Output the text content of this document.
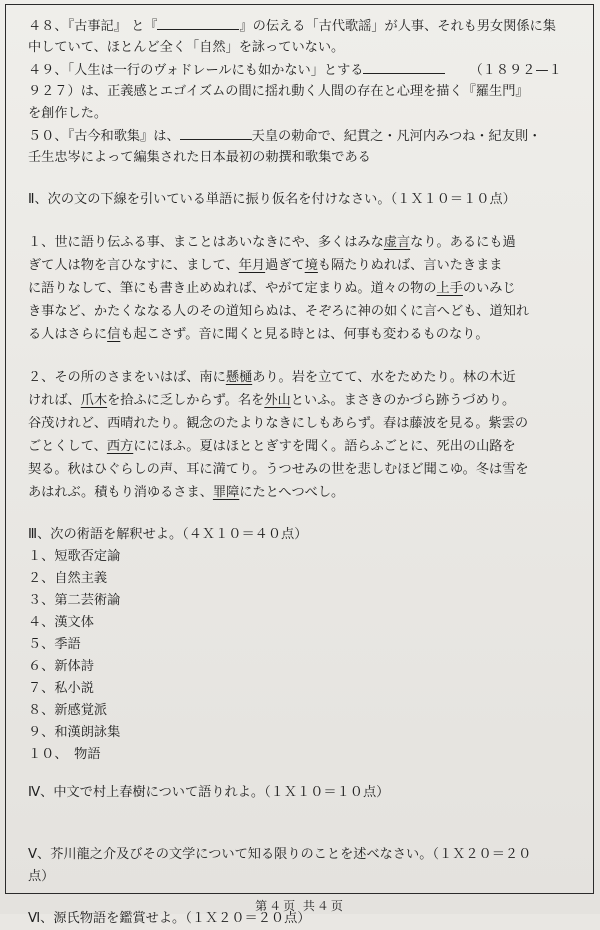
４８、『古事記』 と『	』の伝える「古代歌謡」が人事、それも男女関係に集
中していて、ほとんど全く「自然」を詠っていない。
４９、「人生は一行のヴォドレールにも如かない」とする	（１８９２—１
９２７）は、正義感とエゴイズムの間に揺れ動く人間の存在と心理を描く『羅生門』
を創作した。
５０、『古今和歌集』は、	天皇の勅命で、紀貫之・凡河内みつね・紀友則・
壬生忠岑によって編集された日本最初の勅撰和歌集である
Ⅱ、次の文の下線を引いている単語に振り仮名を付けなさい。（１Ｘ１０＝１０点）
１、世に語り伝ふる事、まことはあいなきにや、多くはみな虚言なり。あるにも過
ぎて人は物を言ひなすに、まして、年月過ぎて境も隔たりぬれば、言いたきまま
に語りなして、筆にも書き止めぬれば、やがて定まりぬ。道々の物の上手のいみじ
き事など、かたくななる人のその道知らぬは、そぞろに神の如くに言へども、道知れ
る人はさらに信も起こさず。音に聞くと見る時とは、何事も変わるものなり。
２、その所のさまをいはば、南に懸樋あり。岩を立てて、水をためたり。林の木近
ければ、爪木を拾ふに乏しからず。名を外山といふ。まさきのかづら跡うづめり。
谷茂けれど、西晴れたり。観念のたよりなきにしもあらず。春は藤波を見る。紫雲の
ごとくして、西方ににほふ。夏はほととぎすを聞く。語らふごとに、死出の山路を
契る。秋はひぐらしの声、耳に満てり。うつせみの世を悲しむほど聞こゆ。冬は雪を
あはれぶ。積もり消ゆるさま、罪障にたとへつべし。
Ⅲ、次の術語を解釈せよ。（４Ｘ１０＝４０点）
１、短歌否定論
２、自然主義
３、第二芸術論
４、漢文体
５、季語
６、新体詩
７、私小説
８、新感覚派
９、和漢朗詠集
１０、　物語
Ⅳ、中文で村上春樹について語りれよ。（１Ｘ１０＝１０点）
Ⅴ、芥川龍之介及びその文学について知る限りのことを述べなさい。（１Ｘ２０＝２０
点）
Ⅵ、源氏物語を鑑賞せよ。（１Ｘ２０＝２０点）
第４页 共４页
